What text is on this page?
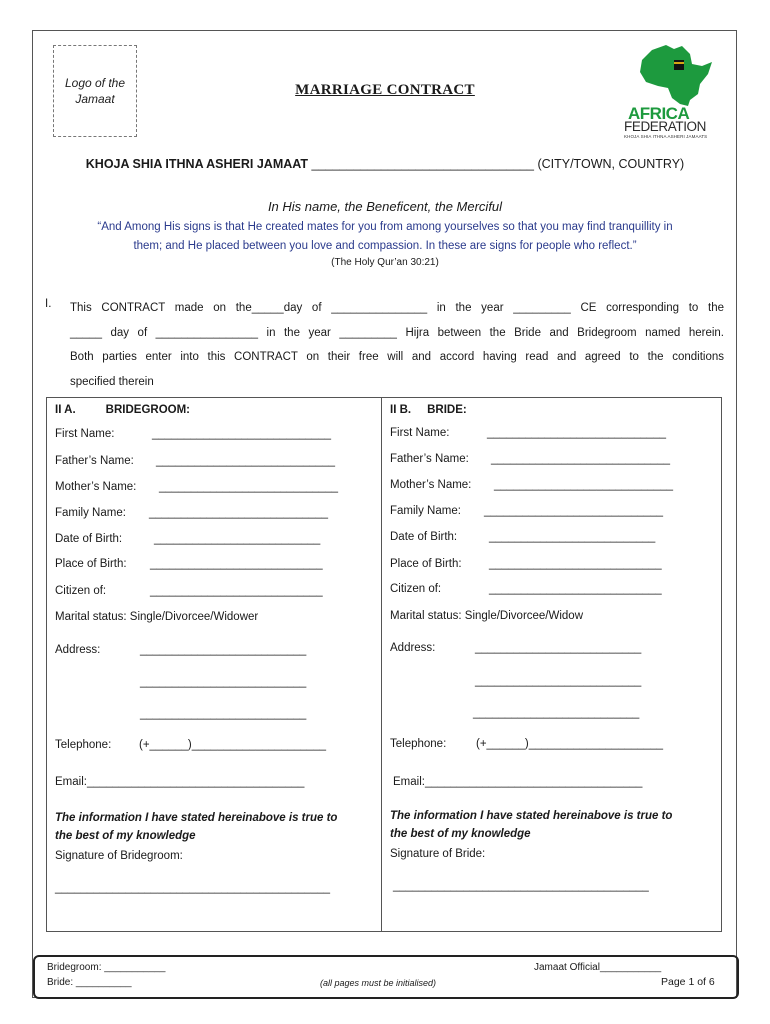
Logo of the
Jamaat
MARRIAGE CONTRACT
AFRICA
FEDERATION
KHOJA SHIA ITHNA ASHERI JAMAATS
KHOJA SHIA ITHNA ASHERI JAMAAT ________________________________ (CITY/TOWN, COUNTRY)
In His name, the Beneficent, the Merciful
“And Among His signs is that He created mates for you from among yourselves so that you may find tranquillity in
them; and He placed between you love and compassion. In these are signs for people who reflect.”
(The Holy Qur’an 30:21)
I. This CONTRACT made on the_____day of _______________ in the year _________ CE corresponding to the
_____ day of ________________ in the year _________ Hijra between the Bride and Bridegroom named herein.
Both parties enter into this CONTRACT on their free will and accord having read and agreed to the conditions
specified therein
II A.	BRIDEGROOM:
First Name:	____________________________
Father’s Name: ____________________________
Mother’s Name: ____________________________
Family Name: ____________________________
Date of Birth:	__________________________
Place of Birth: ___________________________
Citizen of:	___________________________
Marital status: Single/Divorcee/Widower
Address:	__________________________
__________________________
__________________________
Telephone: (+______)_____________________
Email:__________________________________
The information I have stated hereinabove is true to
the best of my knowledge
Signature of Bridegroom:
___________________________________________
II B. BRIDE:
First Name:	____________________________
Father’s Name: ____________________________
Mother’s Name: ____________________________
Family Name: ____________________________
Date of Birth:	__________________________
Place of Birth: ___________________________
Citizen of:	___________________________
Marital status: Single/Divorcee/Widow
Address:	__________________________
__________________________
__________________________
Telephone:	(+______)_____________________
Email:__________________________________
The information I have stated hereinabove is true to
the best of my knowledge
Signature of Bride:
________________________________________
Bridegroom: ___________
Bride: __________	(all pages must be initialised)
Jamaat Official___________
Page 1 of 6
